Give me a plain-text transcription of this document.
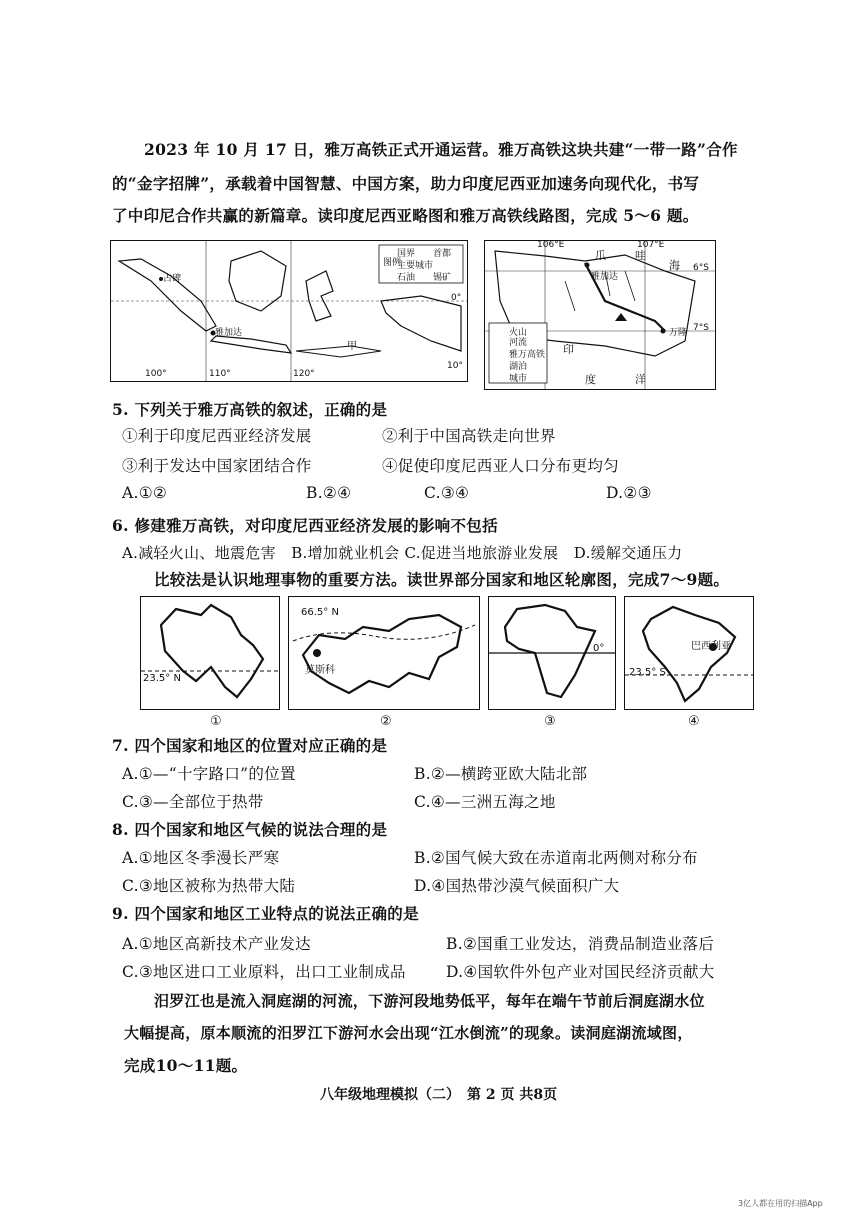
2023 年 10 月 17 日，雅万高铁正式开通运营。雅万高铁这块共建“一带一路”合作
的“金字招牌”，承载着中国智慧、中国方案，助力印度尼西亚加速务向现代化，书写
了中印尼合作共赢的新篇章。读印度尼西亚略图和雅万高铁线路图，完成 5～6 题。
图例
国界 首都
主要城市
石油 锡矿
占碑
雅加达
甲
100°	110°	120°
0°
10°
106°E	107°E
6°S
7°S
爪	哇
海
雅加达
万隆
印
度	洋
火山
河流
雅万高铁
湖泊
城市
5. 下列关于雅万高铁的叙述，正确的是
①利于印度尼西亚经济发展	②利于中国高铁走向世界
③利于发达中国家团结合作	④促使印度尼西亚人口分布更均匀
A.①②	B.②④	C.③④	D.②③
6. 修建雅万高铁，对印度尼西亚经济发展的影响不包括
A.减轻火山、地震危害　B.增加就业机会 C.促进当地旅游业发展　D.缓解交通压力
比较法是认识地理事物的重要方法。读世界部分国家和地区轮廓图，完成7～9题。
23.5° N
①
66.5° N
莫斯科
②
0°
③
巴西利亚
23.5° S
④
7. 四个国家和地区的位置对应正确的是
A.①—“十字路口”的位置	B.②—横跨亚欧大陆北部
C.③—全部位于热带	C.④—三洲五海之地
8. 四个国家和地区气候的说法合理的是
A.①地区冬季漫长严寒	B.②国气候大致在赤道南北两侧对称分布
C.③地区被称为热带大陆	D.④国热带沙漠气候面积广大
9. 四个国家和地区工业特点的说法正确的是
A.①地区高新技术产业发达	B.②国重工业发达，消费品制造业落后
C.③地区进口工业原料，出口工业制成品	D.④国软件外包产业对国民经济贡献大
汨罗江也是流入洞庭湖的河流，下游河段地势低平，每年在端午节前后洞庭湖水位
大幅提高，原本顺流的汨罗江下游河水会出现“江水倒流”的现象。读洞庭湖流域图，
完成10～11题。
八年级地理模拟（二）　第 2 页 共8页
3亿人都在用的扫描App
